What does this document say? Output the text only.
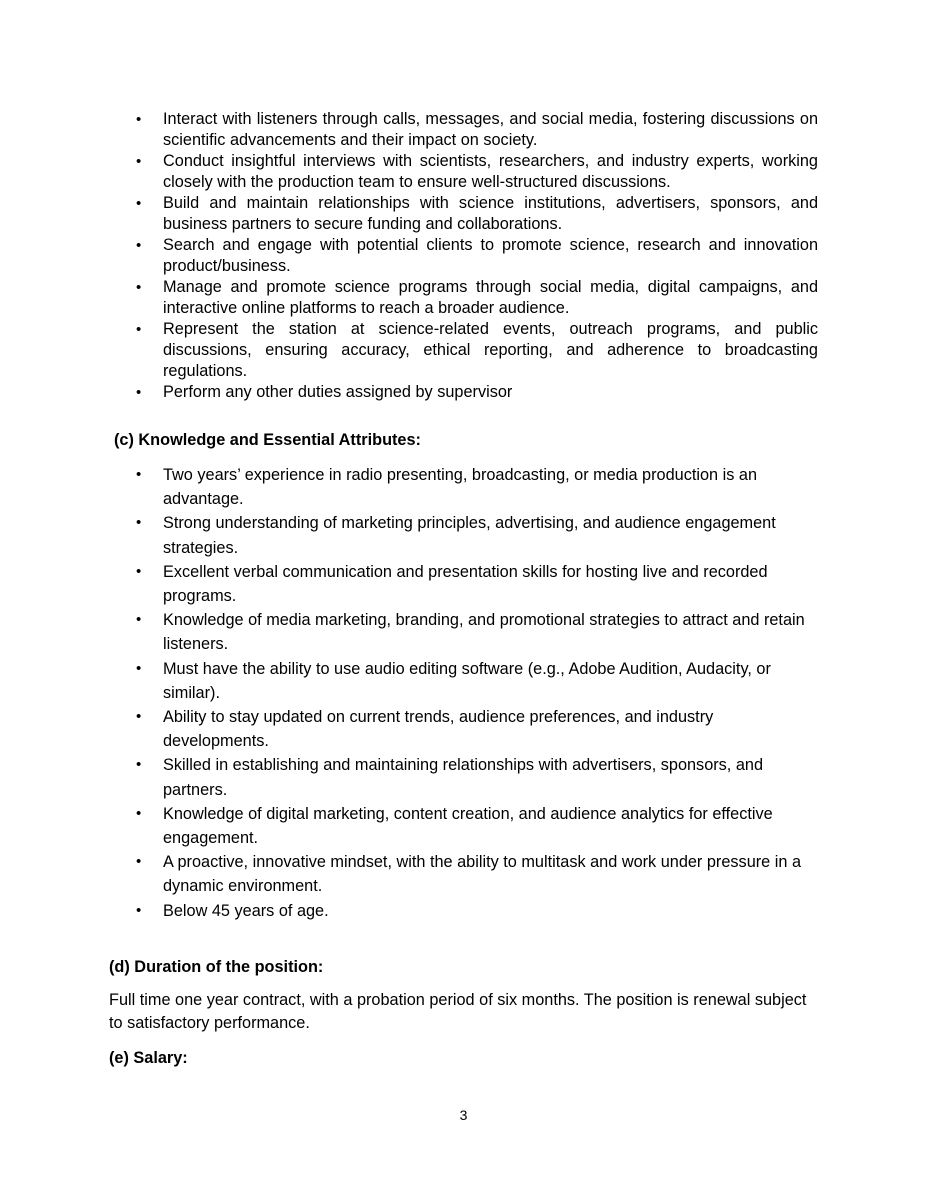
•	Interact with listeners through calls, messages, and social media, fostering discussions on scientific advancements and their impact on society.
•	Conduct insightful interviews with scientists, researchers, and industry experts, working closely with the production team to ensure well-structured discussions.
•	Build and maintain relationships with science institutions, advertisers, sponsors, and business partners to secure funding and collaborations.
•	Search and engage with potential clients to promote science, research and innovation product/business.
•	Manage and promote science programs through social media, digital campaigns, and interactive online platforms to reach a broader audience.
•	Represent the station at science-related events, outreach programs, and public discussions, ensuring accuracy, ethical reporting, and adherence to broadcasting regulations.
•	Perform any other duties assigned by supervisor
(c) Knowledge and Essential Attributes:
•	Two years’ experience in radio presenting, broadcasting, or media production is an advantage.
•	Strong understanding of marketing principles, advertising, and audience engagement strategies.
•	Excellent verbal communication and presentation skills for hosting live and recorded programs.
•	Knowledge of media marketing, branding, and promotional strategies to attract and retain listeners.
•	Must have the ability to use audio editing software (e.g., Adobe Audition, Audacity, or similar).
•	Ability to stay updated on current trends, audience preferences, and industry developments.
•	Skilled in establishing and maintaining relationships with advertisers, sponsors, and partners.
•	Knowledge of digital marketing, content creation, and audience analytics for effective engagement.
•	A proactive, innovative mindset, with the ability to multitask and work under pressure in a dynamic environment.
•	Below 45 years of age.
(d) Duration of the position:

Full time one year contract, with a probation period of six months. The position is renewal subject to satisfactory performance.

(e) Salary:
3
